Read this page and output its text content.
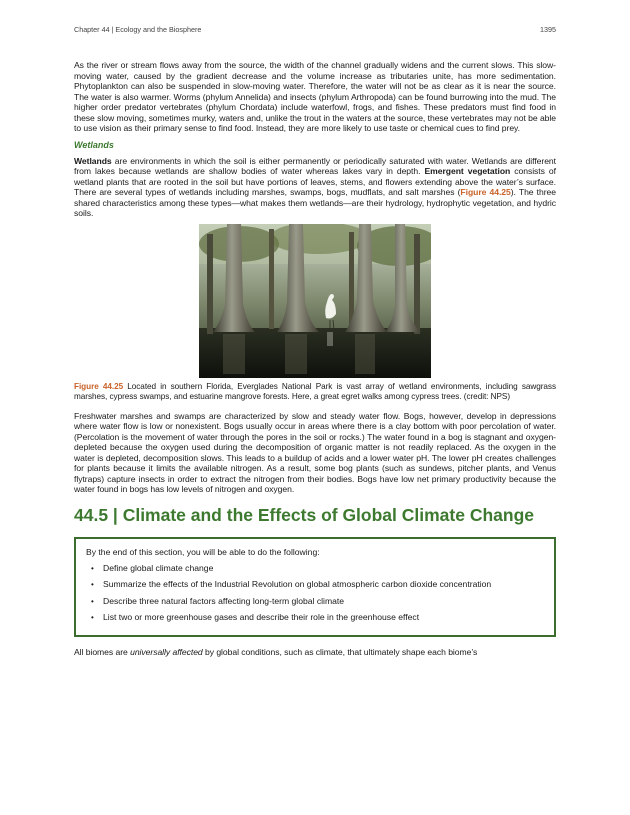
Chapter 44 | Ecology and the Biosphere	1395

As the river or stream flows away from the source, the width of the channel gradually widens and the current slows. This slow-moving water, caused by the gradient decrease and the volume increase as tributaries unite, has more sedimentation. Phytoplankton can also be suspended in slow-moving water. Therefore, the water will not be as clear as it is near the source. The water is also warmer. Worms (phylum Annelida) and insects (phylum Arthropoda) can be found burrowing into the mud. The higher order predator vertebrates (phylum Chordata) include waterfowl, frogs, and fishes. These predators must find food in these slow moving, sometimes murky, waters and, unlike the trout in the waters at the source, these vertebrates may not be able to use vision as their primary sense to find food. Instead, they are more likely to use taste or chemical cues to find prey.

Wetlands

Wetlands are environments in which the soil is either permanently or periodically saturated with water. Wetlands are different from lakes because wetlands are shallow bodies of water whereas lakes vary in depth. Emergent vegetation consists of wetland plants that are rooted in the soil but have portions of leaves, stems, and flowers extending above the water’s surface. There are several types of wetlands including marshes, swamps, bogs, mudflats, and salt marshes (Figure 44.25). The three shared characteristics among these types—what makes them wetlands—are their hydrology, hydrophytic vegetation, and hydric soils.

Figure 44.25 Located in southern Florida, Everglades National Park is vast array of wetland environments, including sawgrass marshes, cypress swamps, and estuarine mangrove forests. Here, a great egret walks among cypress trees. (credit: NPS)

Freshwater marshes and swamps are characterized by slow and steady water flow. Bogs, however, develop in depressions where water flow is low or nonexistent. Bogs usually occur in areas where there is a clay bottom with poor percolation of water. (Percolation is the movement of water through the pores in the soil or rocks.) The water found in a bog is stagnant and oxygen-depleted because the oxygen used during the decomposition of organic matter is not readily replaced. As the oxygen in the water is depleted, decomposition slows. This leads to a buildup of acids and a lower water pH. The lower pH creates challenges for plants because it limits the available nitrogen. As a result, some bog plants (such as sundews, pitcher plants, and Venus flytraps) capture insects in order to extract the nitrogen from their bodies. Bogs have low net primary productivity because the water found in bogs has low levels of nitrogen and oxygen.

44.5 | Climate and the Effects of Global Climate Change
By the end of this section, you will be able to do the following:
• Define global climate change
• Summarize the effects of the Industrial Revolution on global atmospheric carbon dioxide concentration
• Describe three natural factors affecting long-term global climate
• List two or more greenhouse gases and describe their role in the greenhouse effect

All biomes are universally affected by global conditions, such as climate, that ultimately shape each biome’s
